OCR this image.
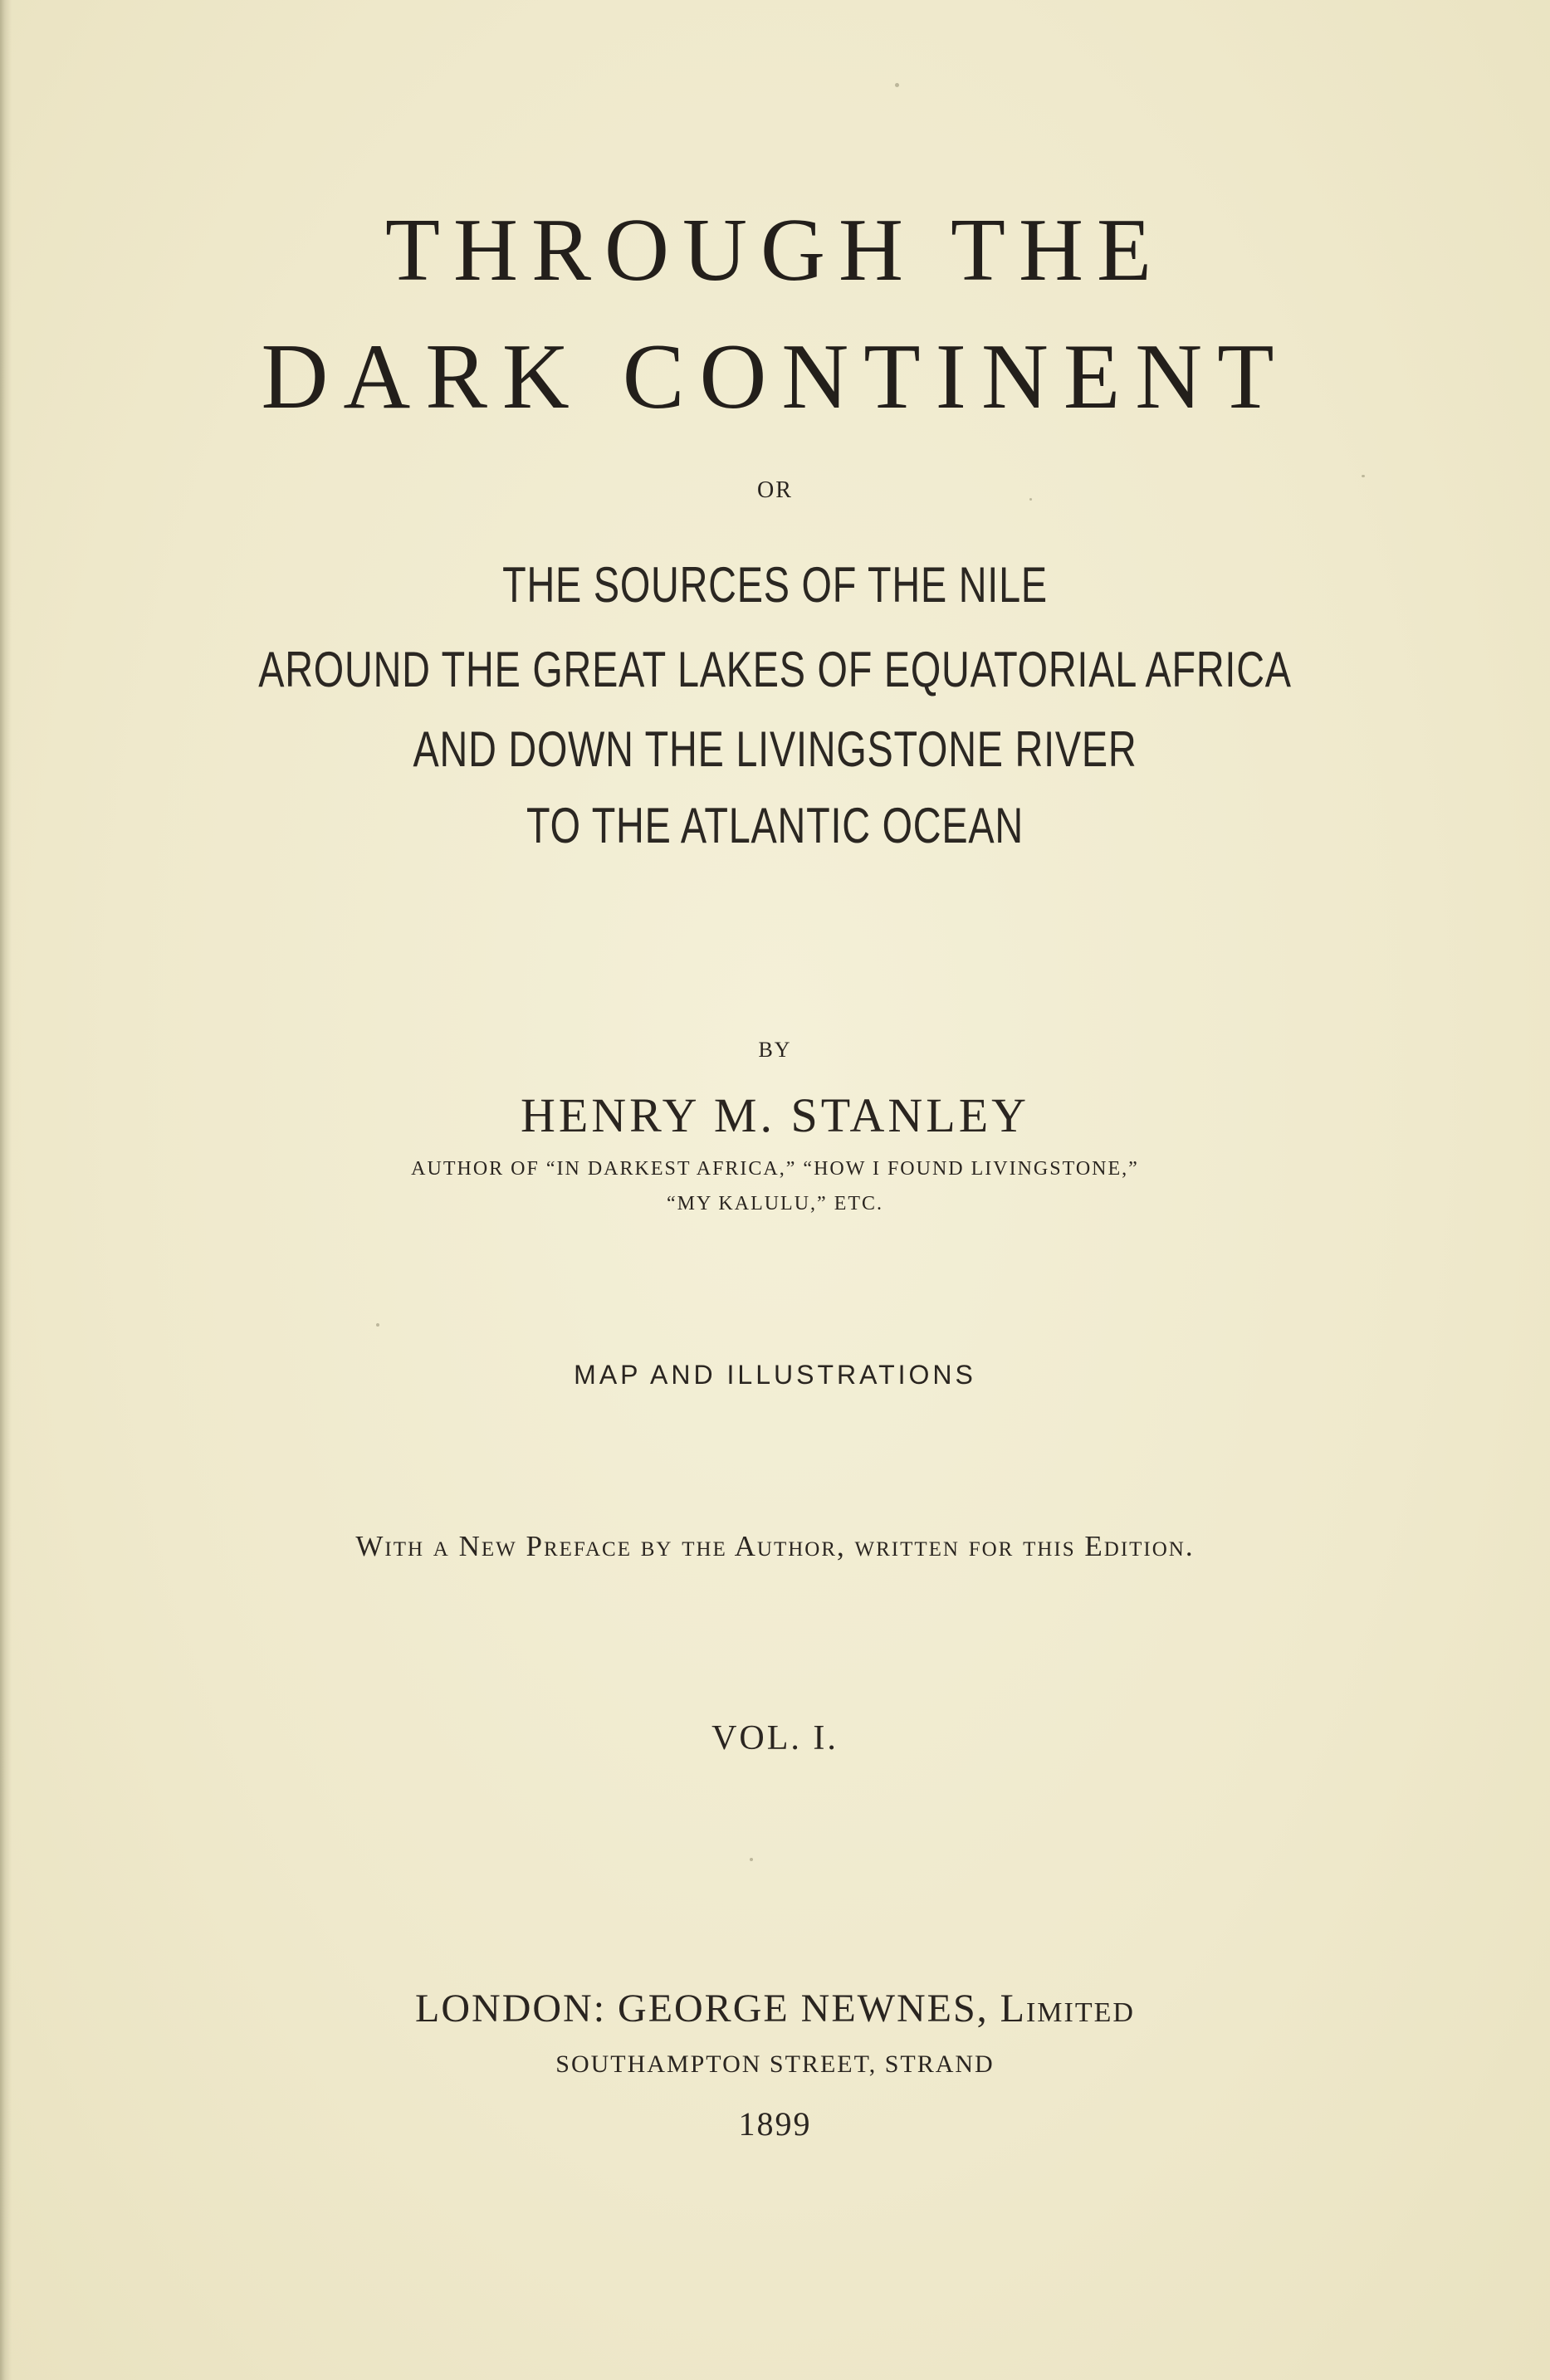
THROUGH THE
DARK CONTINENT

OR

THE SOURCES OF THE NILE

AROUND THE GREAT LAKES OF EQUATORIAL AFRICA

AND DOWN THE LIVINGSTONE RIVER

TO THE ATLANTIC OCEAN

BY

HENRY M. STANLEY

AUTHOR OF “IN DARKEST AFRICA,” “HOW I FOUND LIVINGSTONE,”

“MY KALULU,” ETC.

MAP AND ILLUSTRATIONS

With a New Preface by the Author, written for this Edition.

VOL. I.

LONDON: GEORGE NEWNES, Limited

SOUTHAMPTON STREET, STRAND

1899
